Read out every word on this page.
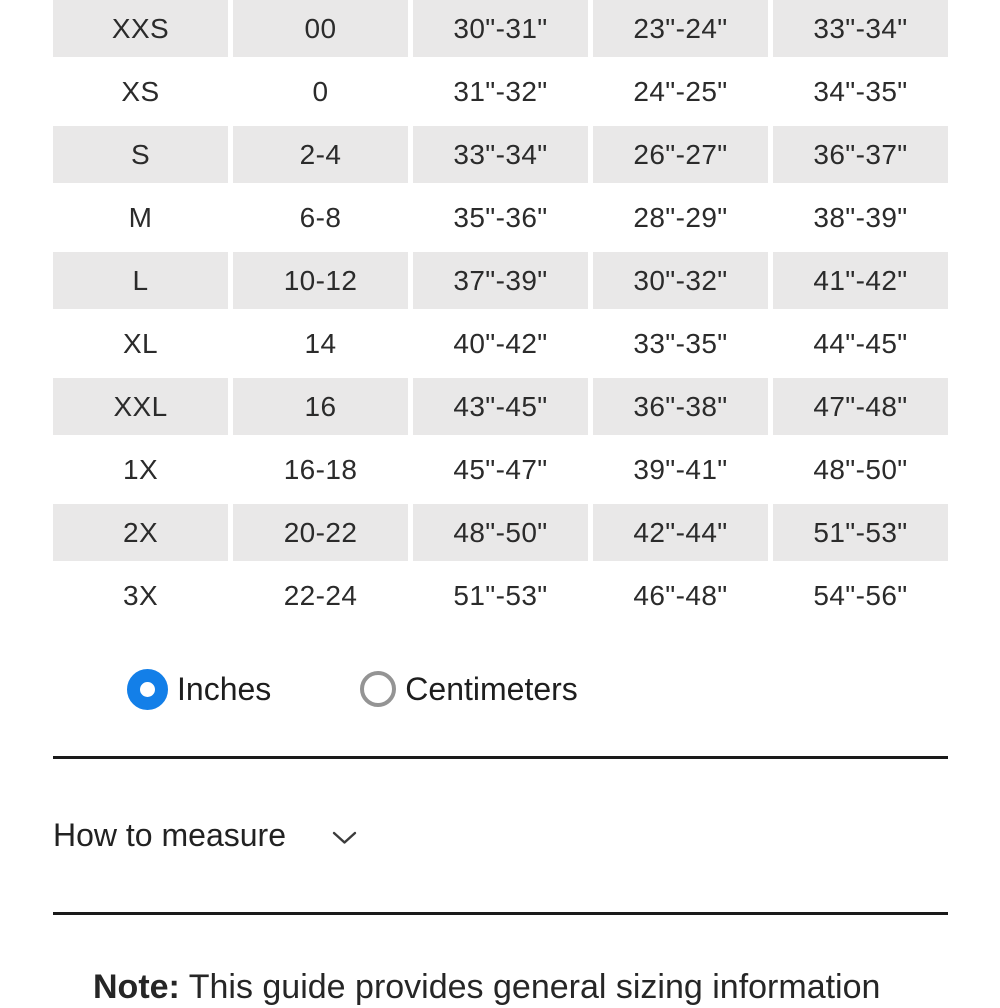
XXS	00	30"-31"	23"-24"	33"-34"
XS	0	31"-32"	24"-25"	34"-35"
S	2-4	33"-34"	26"-27"	36"-37"
M	6-8	35"-36"	28"-29"	38"-39"
L	10-12	37"-39"	30"-32"	41"-42"
XL	14	40"-42"	33"-35"	44"-45"
XXL	16	43"-45"	36"-38"	47"-48"
1X	16-18	45"-47"	39"-41"	48"-50"
2X	20-22	48"-50"	42"-44"	51"-53"
3X	22-24	51"-53"	46"-48"	54"-56"
Inches	Centimeters
How to measure
Note: This guide provides general sizing information
